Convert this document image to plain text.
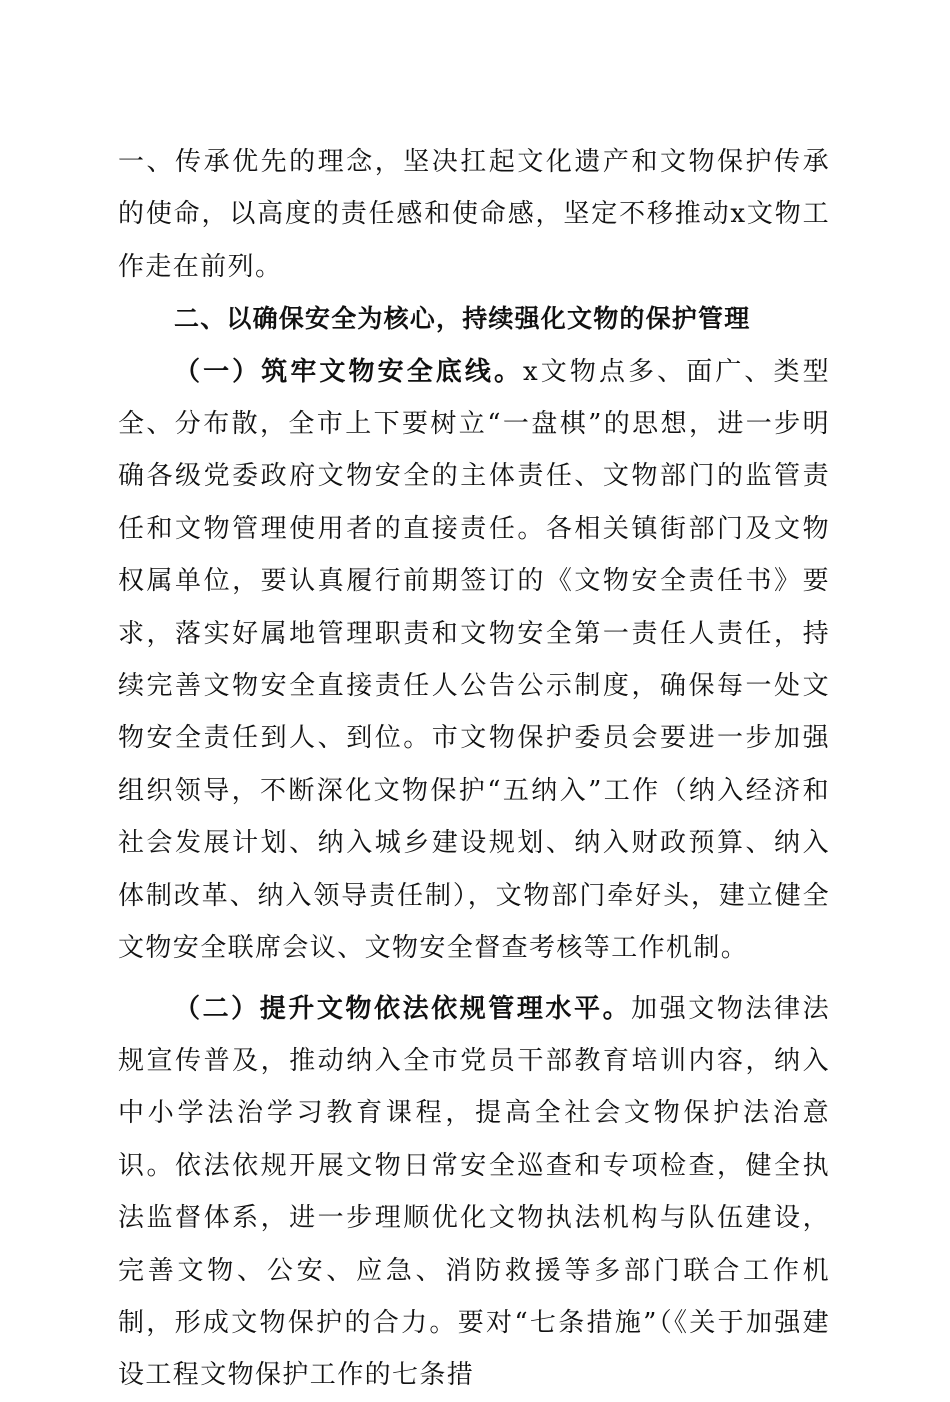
一、传承优先的理念，坚决扛起文化遗产和文物保护传承的使命，以高度的责任感和使命感，坚定不移推动x文物工作走在前列。

二、以确保安全为核心，持续强化文物的保护管理

（一）筑牢文物安全底线。x文物点多、面广、类型全、分布散，全市上下要树立“一盘棋”的思想，进一步明确各级党委政府文物安全的主体责任、文物部门的监管责任和文物管理使用者的直接责任。各相关镇街部门及文物权属单位，要认真履行前期签订的《文物安全责任书》要求，落实好属地管理职责和文物安全第一责任人责任，持续完善文物安全直接责任人公告公示制度，确保每一处文物安全责任到人、到位。市文物保护委员会要进一步加强组织领导，不断深化文物保护“五纳入”工作（纳入经济和社会发展计划、纳入城乡建设规划、纳入财政预算、纳入体制改革、纳入领导责任制），文物部门牵好头，建立健全文物安全联席会议、文物安全督查考核等工作机制。

（二）提升文物依法依规管理水平。加强文物法律法规宣传普及，推动纳入全市党员干部教育培训内容，纳入中小学法治学习教育课程，提高全社会文物保护法治意识。依法依规开展文物日常安全巡查和专项检查，健全执法监督体系，进一步理顺优化文物执法机构与队伍建设，完善文物、公安、应急、消防救援等多部门联合工作机制，形成文物保护的合力。要对“七条措施”（《关于加强建设工程文物保护工作的七条措
